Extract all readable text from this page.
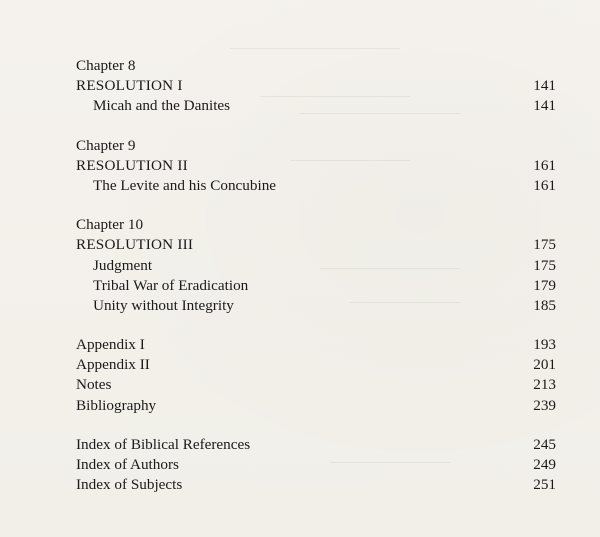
Chapter 8
RESOLUTION I	141
Micah and the Danites	141
Chapter 9
RESOLUTION II	161
The Levite and his Concubine	161
Chapter 10
RESOLUTION III	175
Judgment	175
Tribal War of Eradication	179
Unity without Integrity	185
Appendix I	193
Appendix II	201
Notes	213
Bibliography	239
Index of Biblical References	245
Index of Authors	249
Index of Subjects	251
